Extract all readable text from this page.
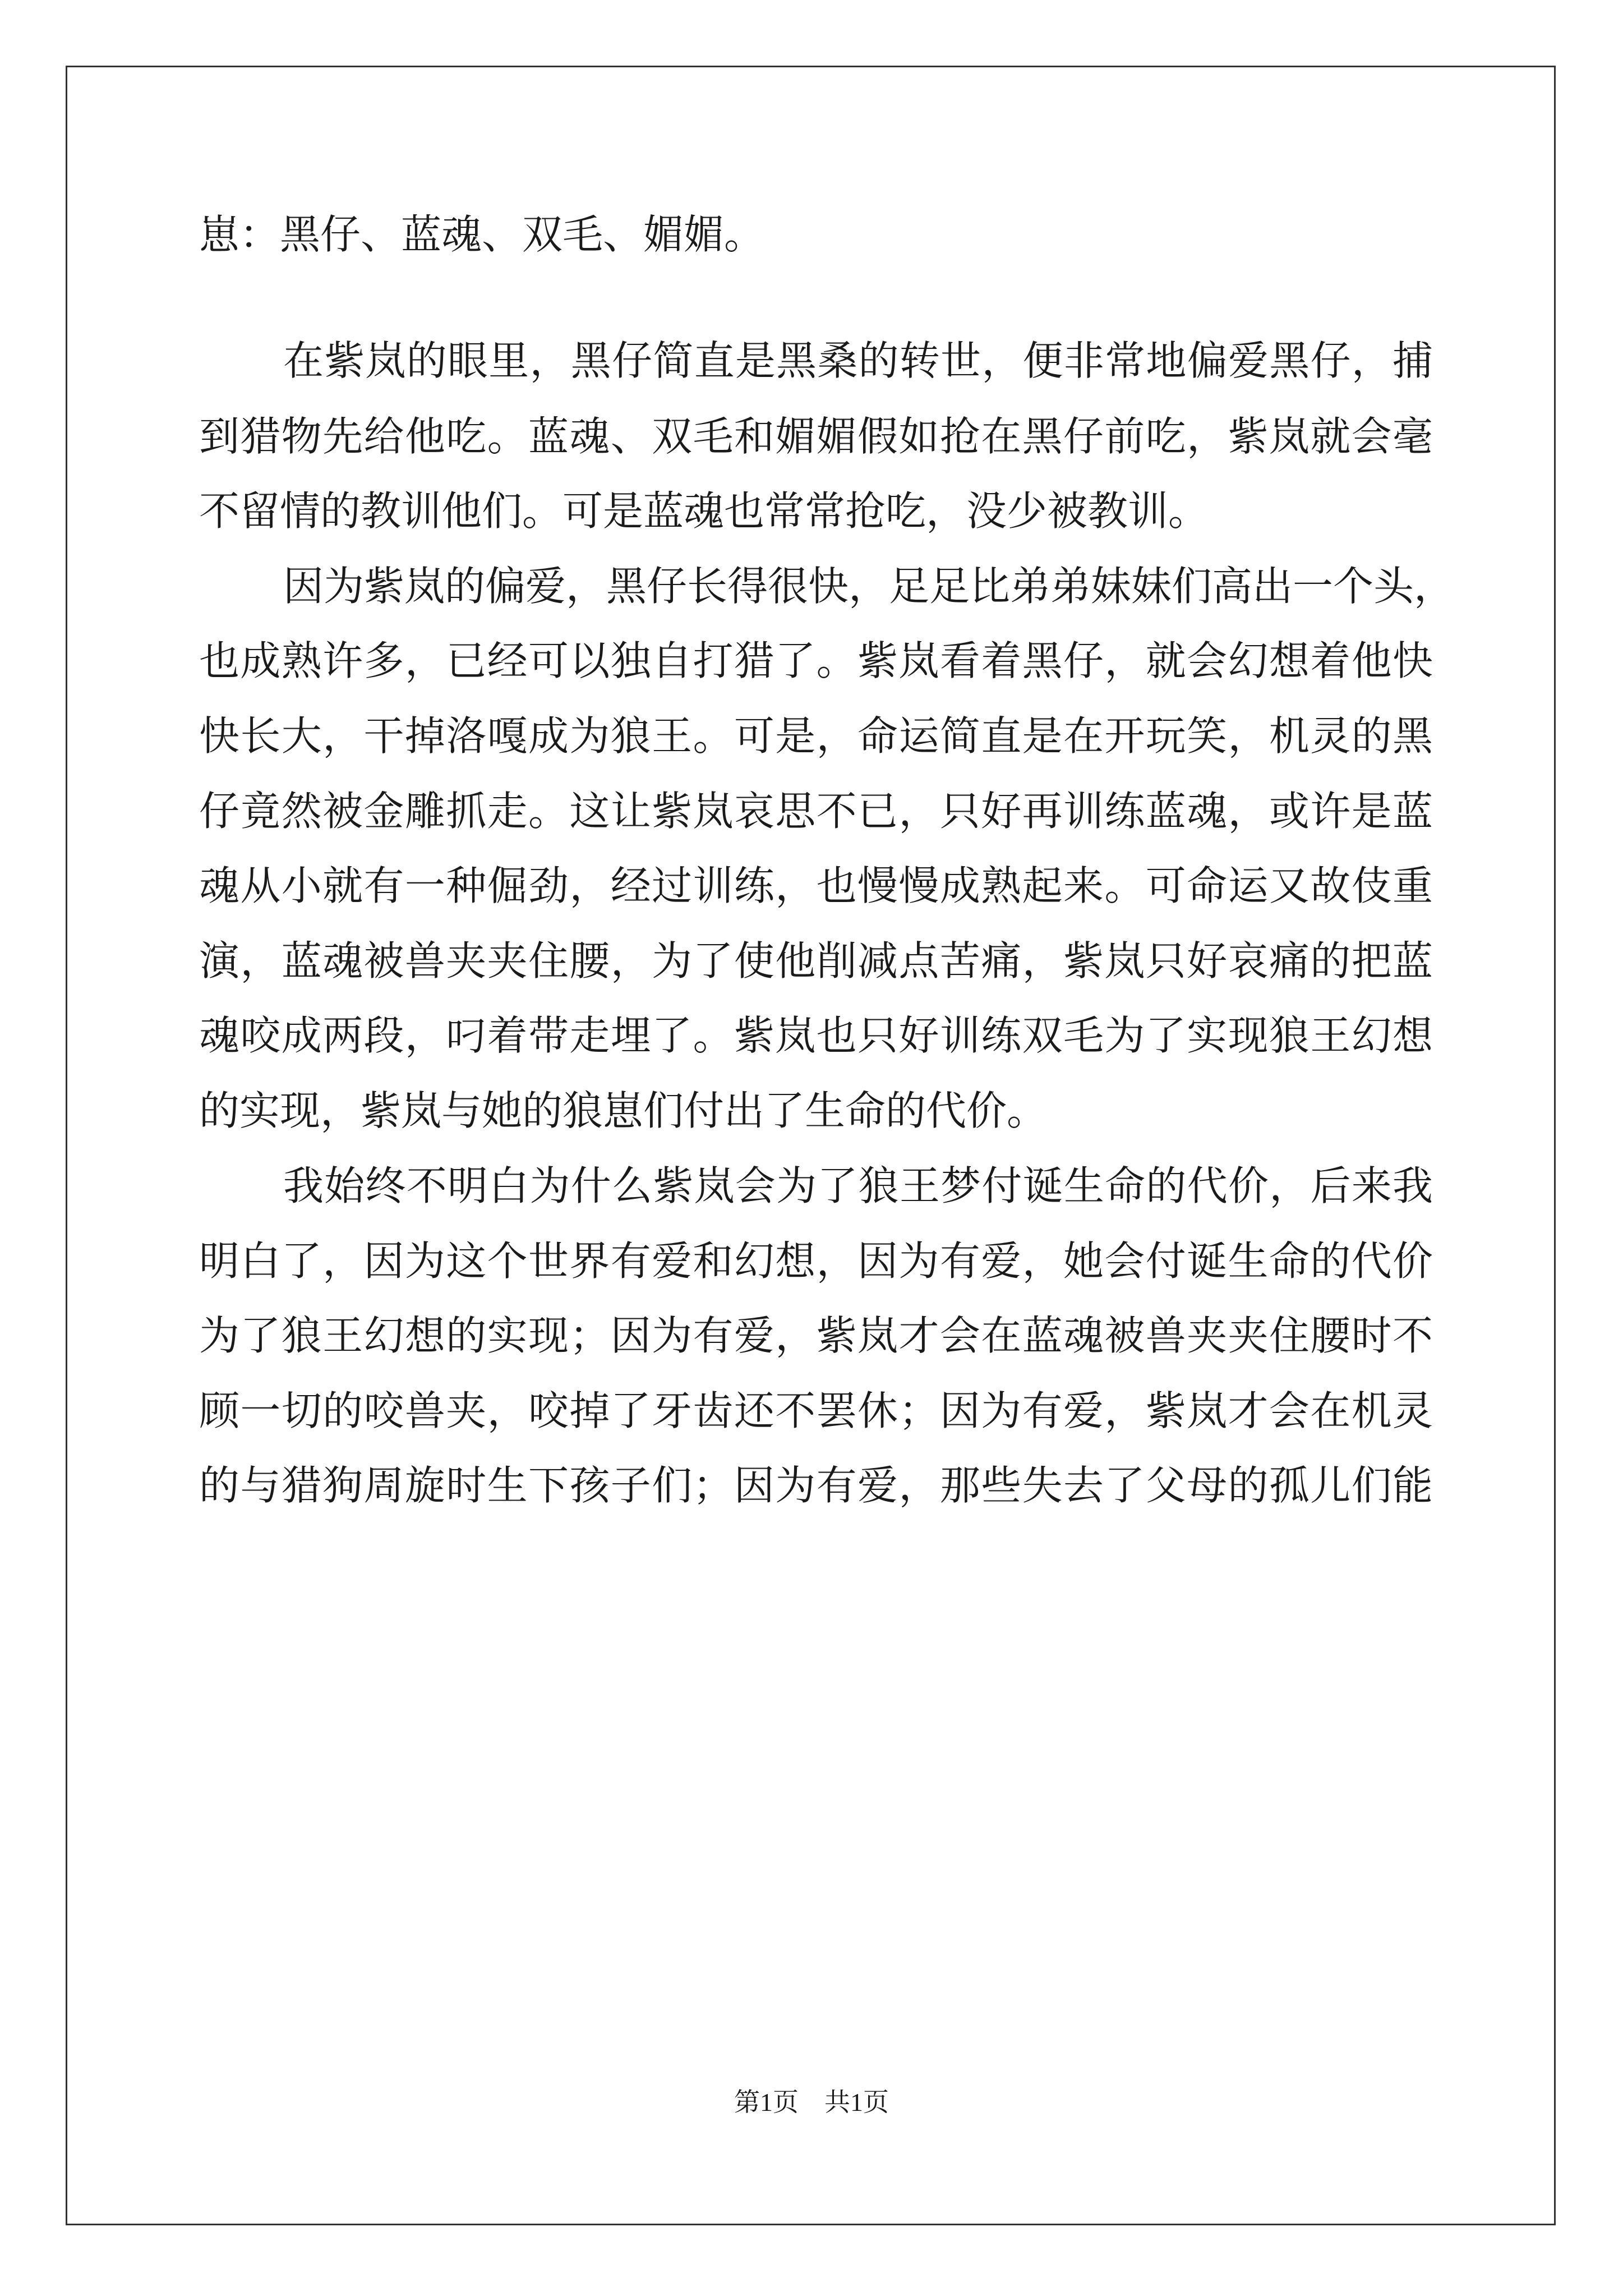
崽：黑仔、蓝魂、双毛、媚媚。
在紫岚的眼里，黑仔简直是黑桑的转世，便非常地偏爱黑仔，捕
到猎物先给他吃。蓝魂、双毛和媚媚假如抢在黑仔前吃，紫岚就会毫
不留情的教训他们。可是蓝魂也常常抢吃，没少被教训。
因为紫岚的偏爱，黑仔长得很快，足足比弟弟妹妹们高出一个头，
也成熟许多，已经可以独自打猎了。紫岚看着黑仔，就会幻想着他快
快长大，干掉洛嘎成为狼王。可是，命运简直是在开玩笑，机灵的黑
仔竟然被金雕抓走。这让紫岚哀思不已，只好再训练蓝魂，或许是蓝
魂从小就有一种倔劲，经过训练，也慢慢成熟起来。可命运又故伎重
演，蓝魂被兽夹夹住腰，为了使他削减点苦痛，紫岚只好哀痛的把蓝
魂咬成两段，叼着带走埋了。紫岚也只好训练双毛为了实现狼王幻想
的实现，紫岚与她的狼崽们付出了生命的代价。
我始终不明白为什么紫岚会为了狼王梦付诞生命的代价，后来我
明白了，因为这个世界有爱和幻想，因为有爱，她会付诞生命的代价
为了狼王幻想的实现；因为有爱，紫岚才会在蓝魂被兽夹夹住腰时不
顾一切的咬兽夹，咬掉了牙齿还不罢休；因为有爱，紫岚才会在机灵
的与猎狗周旋时生下孩子们；因为有爱，那些失去了父母的孤儿们能
第1页　共1页
